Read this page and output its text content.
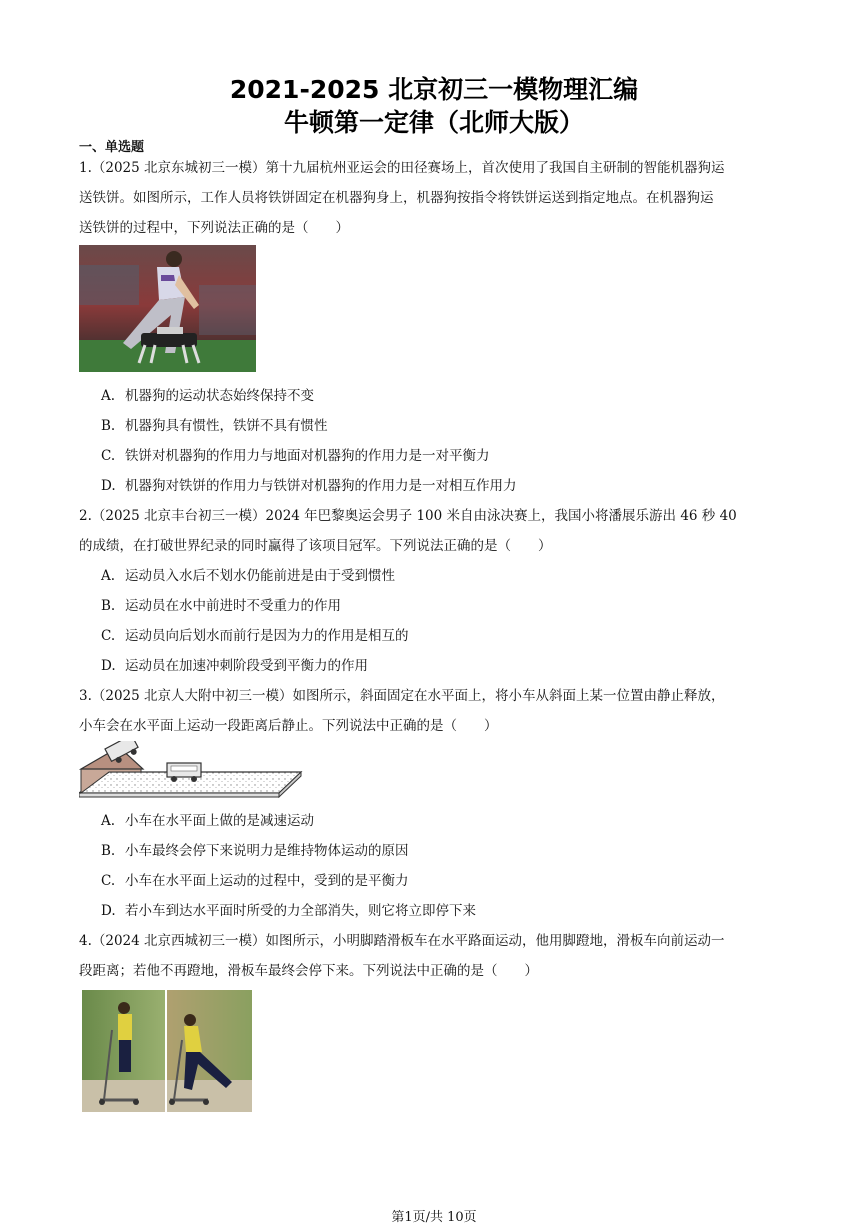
2021-2025 北京初三一模物理汇编
牛顿第一定律（北师大版）
一、单选题
1.（2025 北京东城初三一模）第十九届杭州亚运会的田径赛场上，首次使用了我国自主研制的智能机器狗运
送铁饼。如图所示，工作人员将铁饼固定在机器狗身上，机器狗按指令将铁饼运送到指定地点。在机器狗运
送铁饼的过程中，下列说法正确的是（　　）
A. 机器狗的运动状态始终保持不变
B. 机器狗具有惯性，铁饼不具有惯性
C. 铁饼对机器狗的作用力与地面对机器狗的作用力是一对平衡力
D. 机器狗对铁饼的作用力与铁饼对机器狗的作用力是一对相互作用力
2.（2025 北京丰台初三一模）2024 年巴黎奥运会男子 100 米自由泳决赛上，我国小将潘展乐游出 46 秒 40
的成绩，在打破世界纪录的同时赢得了该项目冠军。下列说法正确的是（　　）
A. 运动员入水后不划水仍能前进是由于受到惯性
B. 运动员在水中前进时不受重力的作用
C. 运动员向后划水而前行是因为力的作用是相互的
D. 运动员在加速冲刺阶段受到平衡力的作用
3.（2025 北京人大附中初三一模）如图所示，斜面固定在水平面上，将小车从斜面上某一位置由静止释放，
小车会在水平面上运动一段距离后静止。下列说法中正确的是（　　）
A. 小车在水平面上做的是减速运动
B. 小车最终会停下来说明力是维持物体运动的原因
C. 小车在水平面上运动的过程中，受到的是平衡力
D. 若小车到达水平面时所受的力全部消失，则它将立即停下来
4.（2024 北京西城初三一模）如图所示，小明脚踏滑板车在水平路面运动，他用脚蹬地，滑板车向前运动一
段距离；若他不再蹬地，滑板车最终会停下来。下列说法中正确的是（　　）
第1页/共 10页
